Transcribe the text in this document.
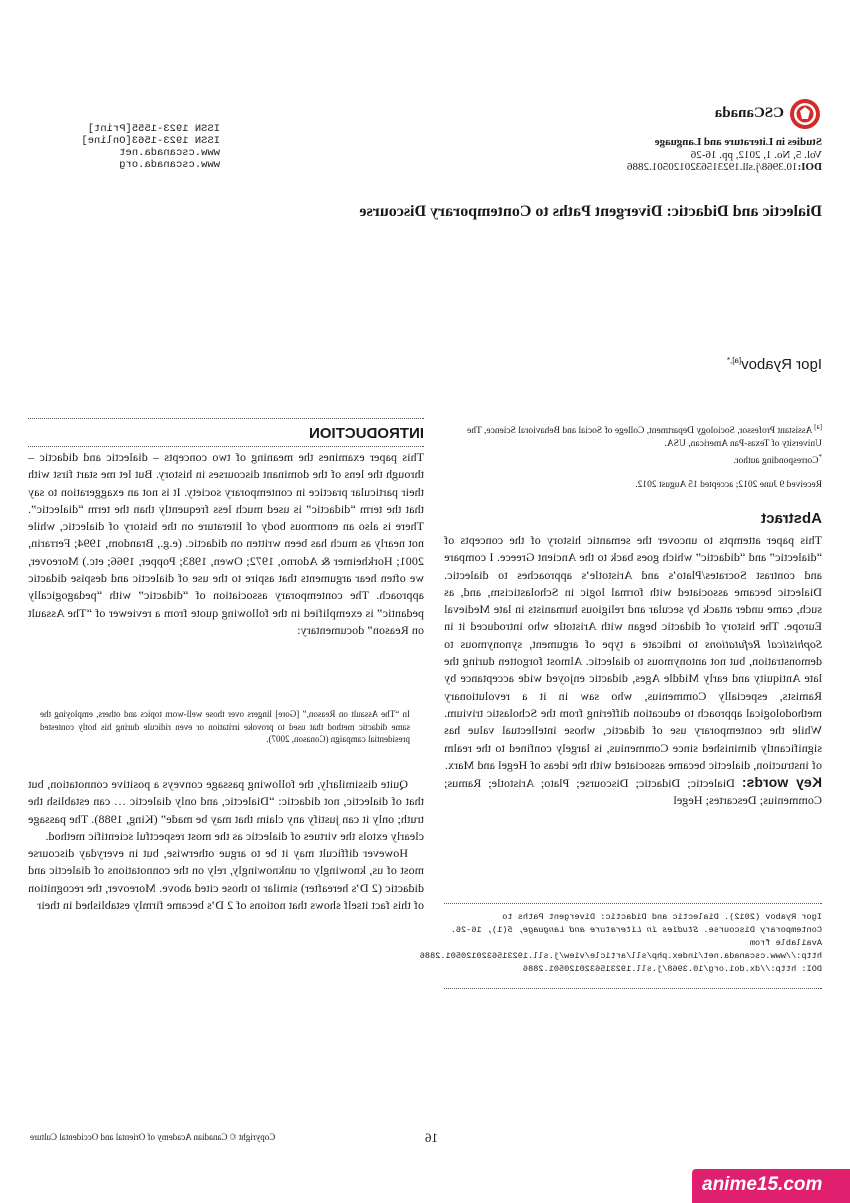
CSCanada
Studies in Literature and Language
Vol. 5, No. 1, 2012, pp. 16-26
DOI:10.3968/j.sll.1923156320120501.2886
ISSN 1923-1555[Print]
ISSN 1923-1563[Online]
www.cscanada.net
www.cscanada.org
Dialectic and Didactic: Divergent Paths to Contemporary Discourse
Igor Ryabov$^{[a],*}$
[a] Assistant Professor, Sociology Department, College of Social and Behavioral Science, The University of Texas-Pan American, USA.
*Corresponding author.
Received 9 June 2012; accepted 15 August 2012.
Abstract

This paper attempts to uncover the semantic history of the concepts of “dialectic” and “didactic” which goes back to the Ancient Greece. I compare and contrast Socrates/Plato’s and Aristotle’s approaches to dialectic. Dialectic became associated with formal logic in Scholasticism, and, as such, came under attack by secular and religious humanists in late Medieval Europe. The history of didactic began with Aristotle who introduced it in Sophistical Refutations to indicate a type of argument, synonymous to demonstration, but not antonymous to dialectic. Almost forgotten during the late Antiquity and early Middle Ages, didactic enjoyed wide acceptance by Ramists, especially Commenius, who saw in it a revolutionary methodological approach to education differing from the Scholastic trivium. While the contemporary use of didactic, whose intellectual value has significantly diminished since Commenius, is largely confined to the realm of instruction, dialectic became associated with the ideas of Hegel and Marx.

Key words: Dialectic; Didactic; Discourse; Plato; Aristotle; Ramus; Commenius; Descartes; Hegel

Igor Ryabov (2012). Dialectic and Didactic: Divergent Paths to Contemporary Discourse. Studies in Literature and Language, 5(1), 16-26. Available from http://www.cscanada.net/index.php/sll/article/view/j.sll.1923156320120501.2886
DOI: http://dx.doi.org/10.3968/j.sll.1923156320120501.2886
INTRODUCTION

This paper examines the meaning of two concepts – dialectic and didactic – through the lens of the dominant discourses in history. But let me start first with their particular practice in contemporary society. It is not an exaggeration to say that the term “didactic” is used much less frequently than the term “dialectic”. There is also an enormous body of literature on the history of dialectic, while not nearly as much has been written on didactic. (e.g., Brandom, 1994; Ferrarin, 2001; Horkheimer & Adorno, 1972; Owen, 1983; Popper, 1966; etc.) Moreover, we often hear arguments that aspire to the use of dialectic and despise didactic approach. The contemporary association of “didactic” with “pedagogically pedantic” is exemplified in the following quote from a reviewer of “The Assault on Reason” documentary:

In “The Assault on Reason,” [Gore] lingers over those well-worn topics and others, employing the same didactic method that used to provoke irritation or even ridicule during his hotly contested presidential campaign (Conason, 2007).

Quite dissimilarly, the following passage conveys a positive connotation, but that of dialectic, not didactic: “Dialectic, and only dialectic … can establish the truth; only it can justify any claim that may be made” (King, 1988). The passage clearly extols the virtues of dialectic as the most respectful scientific method.

However difficult may it be to argue otherwise, but in everyday discourse most of us, knowingly or unknowingly, rely on the connotations of dialectic and didactic (2 D’s hereafter) similar to those cited above. Moreover, the recognition of this fact itself shows that notions of 2 D’s became firmly established in their

16
Copyright © Canadian Academy of Oriental and Occidental Culture
anime15.com
